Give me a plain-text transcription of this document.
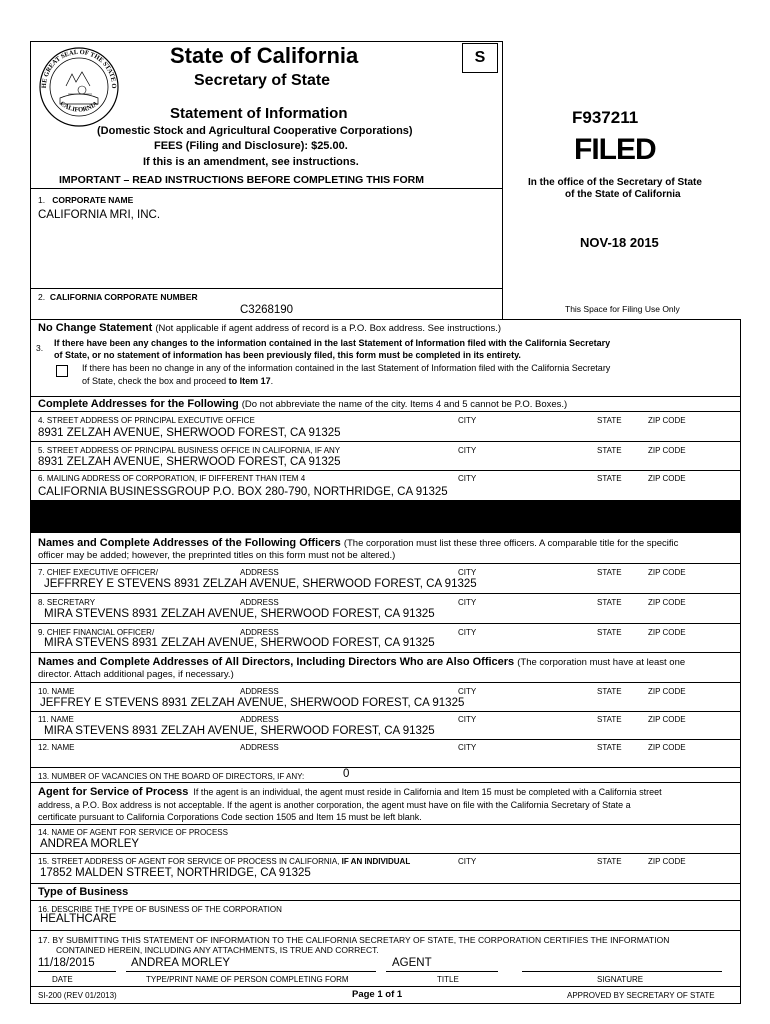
HE GREAT SEAL OF THE STATE O
CALIFORNIA
State of California	S
Secretary of State
Statement of Information
(Domestic Stock and Agricultural Cooperative Corporations)
FEES (Filing and Disclosure): $25.00.
If this is an amendment, see instructions.
IMPORTANT – READ INSTRUCTIONS BEFORE COMPLETING THIS FORM
F937211
FILED
In the office of the Secretary of State
of the State of California
NOV-18 2015
This Space for Filing Use Only
1. CORPORATE NAME
CALIFORNIA MRI, INC.
2. CALIFORNIA CORPORATE NUMBER
C3268190
No Change Statement (Not applicable if agent address of record is a P.O. Box address. See instructions.)
3. If there have been any changes to the information contained in the last Statement of Information filed with the California Secretary
of State, or no statement of information has been previously filed, this form must be completed in its entirety.
If there has been no change in any of the information contained in the last Statement of Information filed with the California Secretary
of State, check the box and proceed to Item 17.
Complete Addresses for the Following (Do not abbreviate the name of the city. Items 4 and 5 cannot be P.O. Boxes.)
4. STREET ADDRESS OF PRINCIPAL EXECUTIVE OFFICE	CITY	STATE	ZIP CODE
8931 ZELZAH AVENUE, SHERWOOD FOREST, CA 91325
5. STREET ADDRESS OF PRINCIPAL BUSINESS OFFICE IN CALIFORNIA, IF ANY	CITY	STATE	ZIP CODE
8931 ZELZAH AVENUE, SHERWOOD FOREST, CA 91325
6. MAILING ADDRESS OF CORPORATION, IF DIFFERENT THAN ITEM 4	CITY	STATE	ZIP CODE
CALIFORNIA BUSINESSGROUP P.O. BOX 280-790, NORTHRIDGE, CA 91325
Names and Complete Addresses of the Following Officers (The corporation must list these three officers. A comparable title for the specific
officer may be added; however, the preprinted titles on this form must not be altered.)
7. CHIEF EXECUTIVE OFFICER/	ADDRESS	CITY	STATE	ZIP CODE
JEFFRREY E STEVENS 8931 ZELZAH AVENUE, SHERWOOD FOREST, CA 91325
8. SECRETARY	ADDRESS	CITY	STATE	ZIP CODE
MIRA STEVENS 8931 ZELZAH AVENUE, SHERWOOD FOREST, CA 91325
9. CHIEF FINANCIAL OFFICER/	ADDRESS	CITY	STATE	ZIP CODE
MIRA STEVENS 8931 ZELZAH AVENUE, SHERWOOD FOREST, CA 91325
Names and Complete Addresses of All Directors, Including Directors Who are Also Officers (The corporation must have at least one
director. Attach additional pages, if necessary.)
10. NAME	ADDRESS	CITY	STATE	ZIP CODE
JEFFREY E STEVENS 8931 ZELZAH AVENUE, SHERWOOD FOREST, CA 91325
11. NAME	ADDRESS	CITY	STATE	ZIP CODE
MIRA STEVENS 8931 ZELZAH AVENUE, SHERWOOD FOREST, CA 91325
12. NAME	ADDRESS	CITY	STATE	ZIP CODE
13. NUMBER OF VACANCIES ON THE BOARD OF DIRECTORS, IF ANY:	0
Agent for Service of Process If the agent is an individual, the agent must reside in California and Item 15 must be completed with a California street
address, a P.O. Box address is not acceptable. If the agent is another corporation, the agent must have on file with the California Secretary of State a
certificate pursuant to California Corporations Code section 1505 and Item 15 must be left blank.
14. NAME OF AGENT FOR SERVICE OF PROCESS
ANDREA MORLEY
15. STREET ADDRESS OF AGENT FOR SERVICE OF PROCESS IN CALIFORNIA, IF AN INDIVIDUAL	CITY	STATE	ZIP CODE
17852 MALDEN STREET, NORTHRIDGE, CA 91325
Type of Business
16. DESCRIBE THE TYPE OF BUSINESS OF THE CORPORATION
HEALTHCARE
17. BY SUBMITTING THIS STATEMENT OF INFORMATION TO THE CALIFORNIA SECRETARY OF STATE, THE CORPORATION CERTIFIES THE INFORMATION
CONTAINED HEREIN, INCLUDING ANY ATTACHMENTS, IS TRUE AND CORRECT.
11/18/2015	ANDREA MORLEY	AGENT
DATE	TYPE/PRINT NAME OF PERSON COMPLETING FORM	TITLE	SIGNATURE
SI-200 (REV 01/2013)	Page 1 of 1	APPROVED BY SECRETARY OF STATE
